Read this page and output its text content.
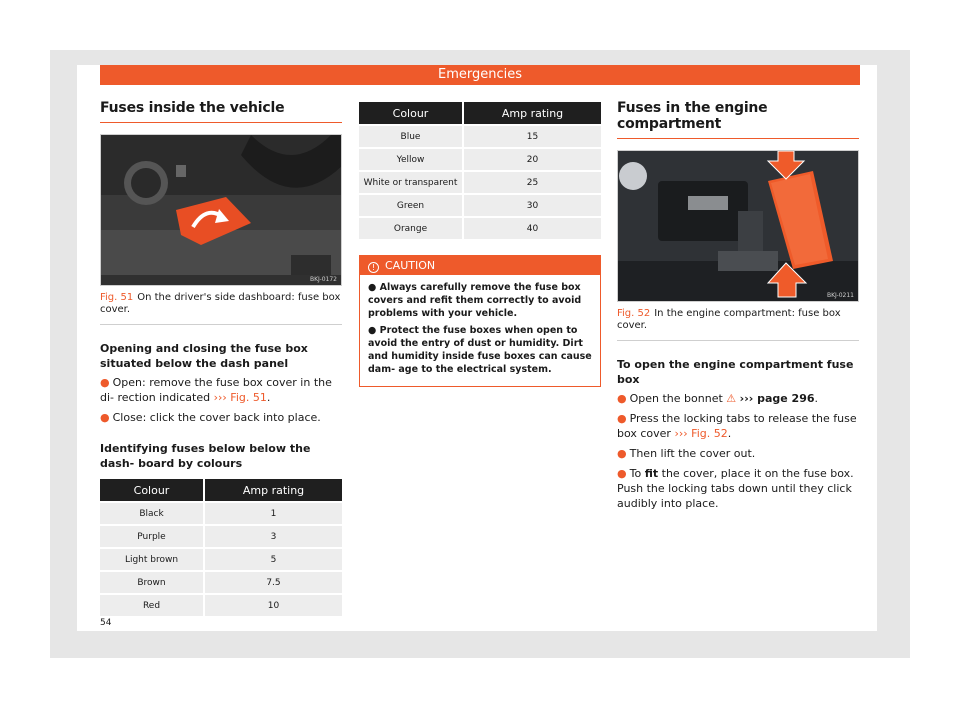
Emergencies
Fuses inside the vehicle
BKJ-0172
Fig. 51 On the driver's side dashboard: fuse box cover.
Opening and closing the fuse box situated below the dash panel
● Open: remove the fuse box cover in the di- rection indicated ››› Fig. 51.
● Close: click the cover back into place.
Identifying fuses below below the dash- board by colours
Colour	Amp rating
Black	1
Purple	3
Light brown	5
Brown	7.5
Red	10
Colour	Amp rating
Blue	15
Yellow	20
White or transparent	25
Green	30
Orange	40
! CAUTION

● Always carefully remove the fuse box covers and refit them correctly to avoid problems with your vehicle.

● Protect the fuse boxes when open to avoid the entry of dust or humidity. Dirt and humidity inside fuse boxes can cause dam- age to the electrical system.

Fuses in the engine compartment
BKJ-0211
Fig. 52 In the engine compartment: fuse box cover.
To open the engine compartment fuse box
● Open the bonnet ⚠ ››› page 296.
● Press the locking tabs to release the fuse box cover ››› Fig. 52.
● Then lift the cover out.
● To fit the cover, place it on the fuse box.
Push the locking tabs down until they click audibly into place.
54
